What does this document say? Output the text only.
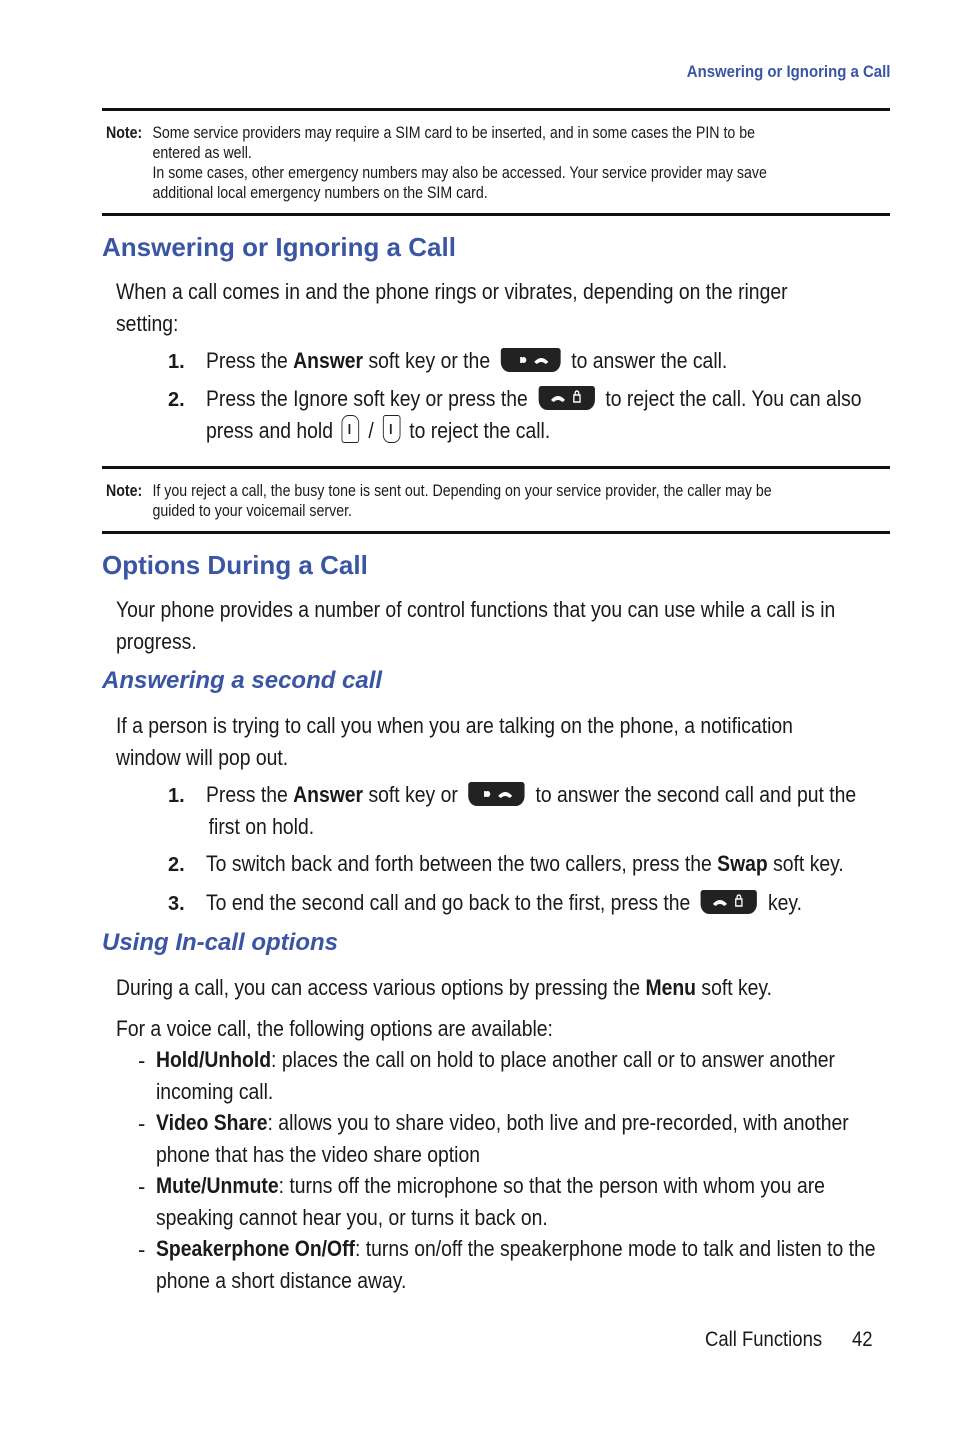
Answering or Ignoring a Call
Note: Some service providers may require a SIM card to be inserted, and in some cases the PIN to be
entered as well.
In some cases, other emergency numbers may also be accessed. Your service provider may save
additional local emergency numbers on the SIM card.
Answering or Ignoring a Call
When a call comes in and the phone rings or vibrates, depending on the ringer
setting:
1. Press the Answer soft key or the	to answer the call.
2. Press the Ignore soft key or press the	to reject the call. You can also
press and hold / to reject the call.
Note: If you reject a call, the busy tone is sent out. Depending on your service provider, the caller may be
guided to your voicemail server.
Options During a Call
Your phone provides a number of control functions that you can use while a call is in
progress.
Answering a second call
If a person is trying to call you when you are talking on the phone, a notification
window will pop out.
1. Press the Answer soft key or	to answer the second call and put the
first on hold.
2. To switch back and forth between the two callers, press the Swap soft key.
3. To end the second call and go back to the first, press the	key.
Using In-call options
During a call, you can access various options by pressing the Menu soft key.
For a voice call, the following options are available:
- Hold/Unhold: places the call on hold to place another call or to answer another
incoming call.
- Video Share: allows you to share video, both live and pre-recorded, with another
phone that has the video share option
- Mute/Unmute: turns off the microphone so that the person with whom you are
speaking cannot hear you, or turns it back on.
- Speakerphone On/Off: turns on/off the speakerphone mode to talk and listen to the
phone a short distance away.
Call Functions 42
